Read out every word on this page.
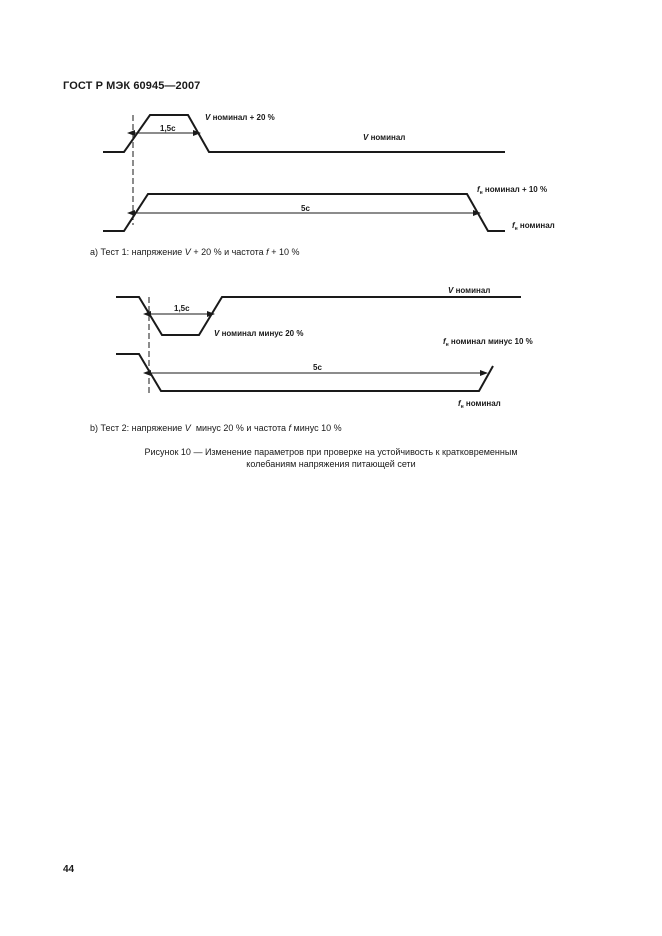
ГОСТ Р МЭК 60945—2007
1,5с
V номинал + 20 %
V номинал
5с
$f_н$ номинал + 10 %
$f_н$ номинал
1,5с
V номинал
V номинал минус 20 %
$f_н$ номинал минус 10 %
5с
$f_н$ номинал
a) Тест 1: напряжение V + 20 % и частота f + 10 %
b) Тест 2: напряжение V  минус 20 % и частота f минус 10 %
Рисунок 10 — Изменение параметров при проверке на устойчивость к кратковременным
колебаниям напряжения питающей сети
44
